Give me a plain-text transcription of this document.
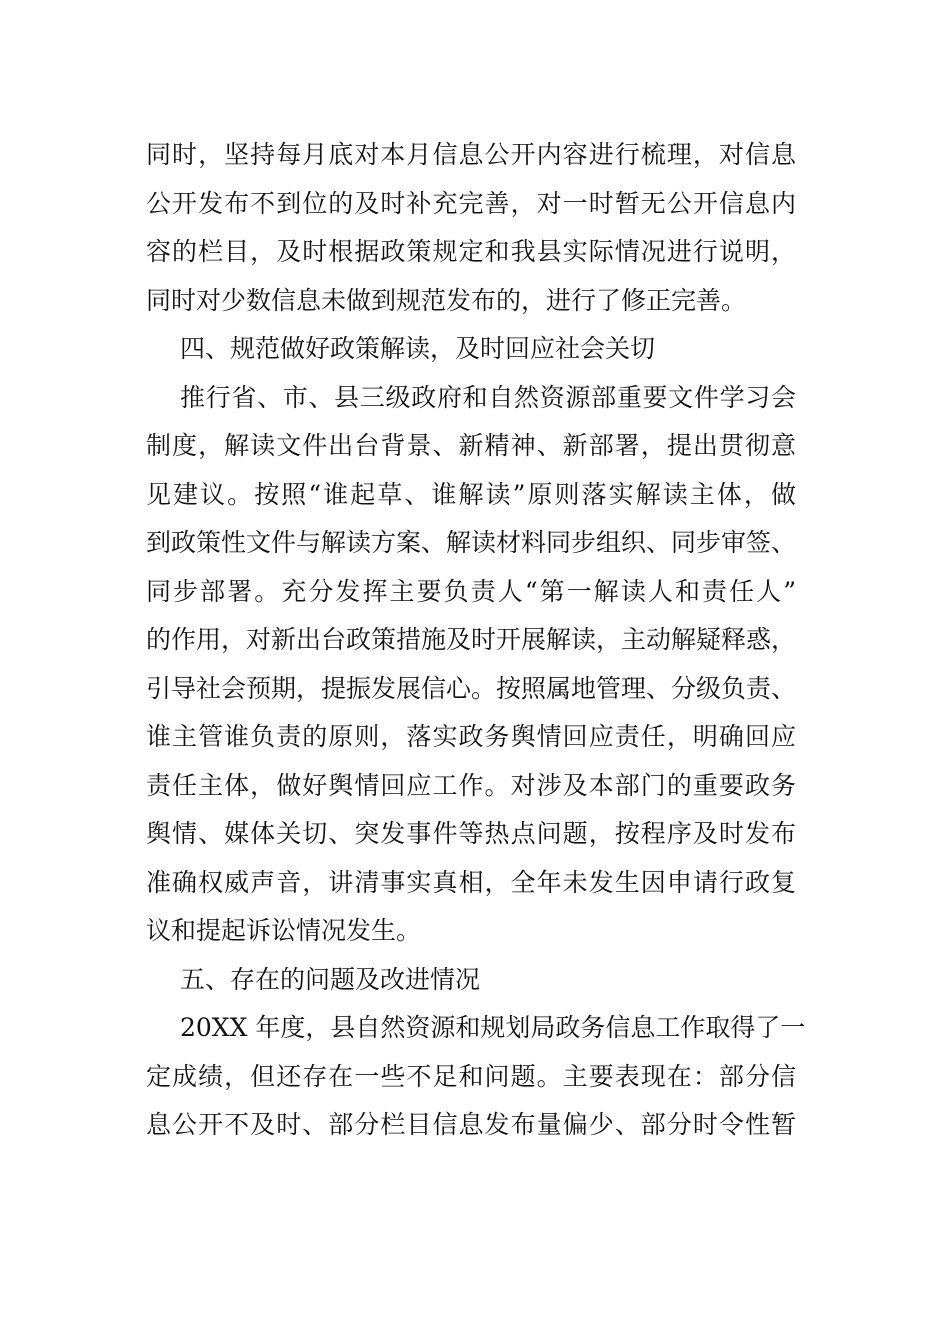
同时，坚持每月底对本月信息公开内容进行梳理，对信息
公开发布不到位的及时补充完善，对一时暂无公开信息内
容的栏目，及时根据政策规定和我县实际情况进行说明，
同时对少数信息未做到规范发布的，进行了修正完善。
四、规范做好政策解读，及时回应社会关切
推行省、市、县三级政府和自然资源部重要文件学习会
制度，解读文件出台背景、新精神、新部署，提出贯彻意
见建议。按照“谁起草、谁解读”原则落实解读主体，做
到政策性文件与解读方案、解读材料同步组织、同步审签、
同步部署。充分发挥主要负责人“第一解读人和责任人”
的作用，对新出台政策措施及时开展解读，主动解疑释惑，
引导社会预期，提振发展信心。按照属地管理、分级负责、
谁主管谁负责的原则，落实政务舆情回应责任，明确回应
责任主体，做好舆情回应工作。对涉及本部门的重要政务
舆情、媒体关切、突发事件等热点问题，按程序及时发布
准确权威声音，讲清事实真相，全年未发生因申请行政复
议和提起诉讼情况发生。
五、存在的问题及改进情况
20XX 年度，县自然资源和规划局政务信息工作取得了一
定成绩，但还存在一些不足和问题。主要表现在：部分信
息公开不及时、部分栏目信息发布量偏少、部分时令性暂
